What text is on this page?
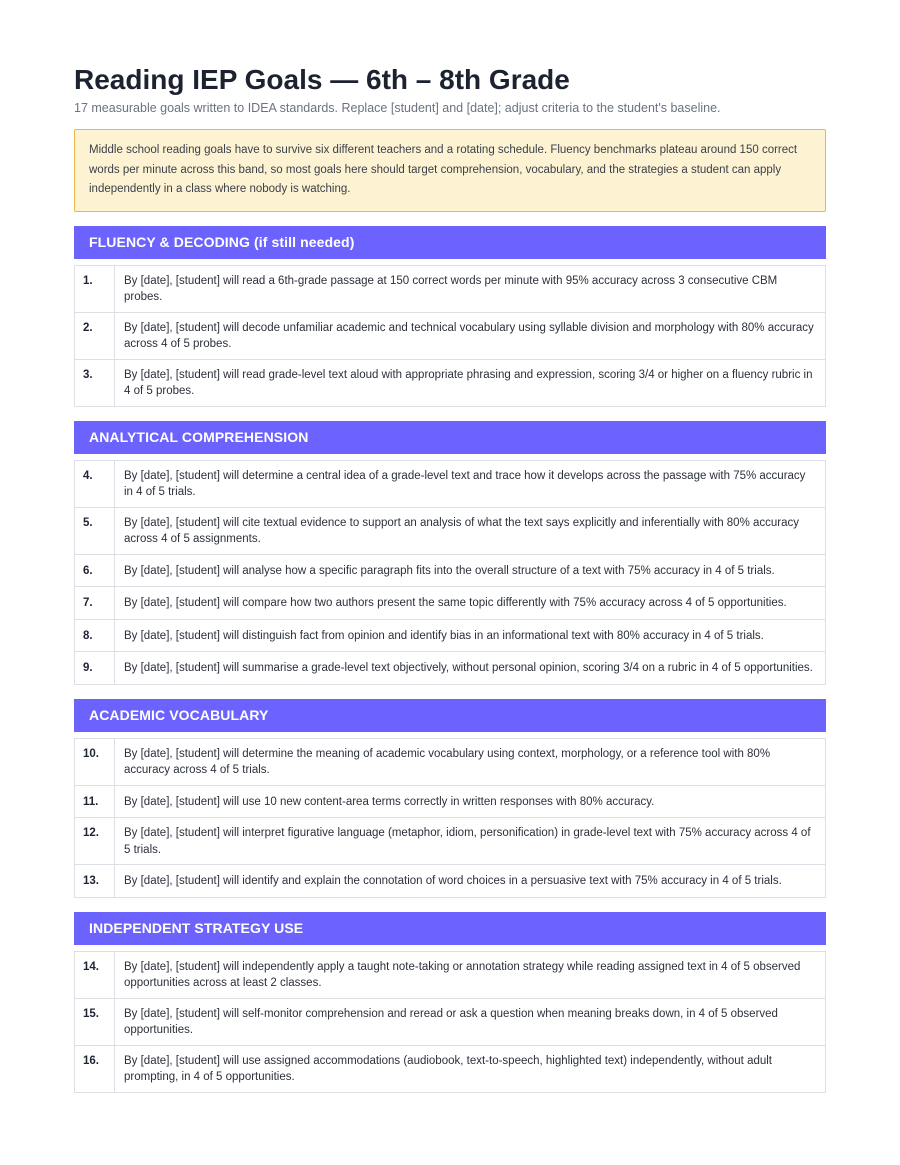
Reading IEP Goals — 6th – 8th Grade
17 measurable goals written to IDEA standards. Replace [student] and [date]; adjust criteria to the student's baseline.
Middle school reading goals have to survive six different teachers and a rotating schedule. Fluency benchmarks plateau around 150 correct words per minute across this band, so most goals here should target comprehension, vocabulary, and the strategies a student can apply independently in a class where nobody is watching.
FLUENCY & DECODING (if still needed)
1.	By [date], [student] will read a 6th-grade passage at 150 correct words per minute with 95% accuracy across 3 consecutive CBM probes.
2.	By [date], [student] will decode unfamiliar academic and technical vocabulary using syllable division and morphology with 80% accuracy across 4 of 5 probes.
3.	By [date], [student] will read grade-level text aloud with appropriate phrasing and expression, scoring 3/4 or higher on a fluency rubric in 4 of 5 probes.
ANALYTICAL COMPREHENSION
4.	By [date], [student] will determine a central idea of a grade-level text and trace how it develops across the passage with 75% accuracy in 4 of 5 trials.
5.	By [date], [student] will cite textual evidence to support an analysis of what the text says explicitly and inferentially with 80% accuracy across 4 of 5 assignments.
6.	By [date], [student] will analyse how a specific paragraph fits into the overall structure of a text with 75% accuracy in 4 of 5 trials.
7.	By [date], [student] will compare how two authors present the same topic differently with 75% accuracy across 4 of 5 opportunities.
8.	By [date], [student] will distinguish fact from opinion and identify bias in an informational text with 80% accuracy in 4 of 5 trials.
9.	By [date], [student] will summarise a grade-level text objectively, without personal opinion, scoring 3/4 on a rubric in 4 of 5 opportunities.
ACADEMIC VOCABULARY
10.	By [date], [student] will determine the meaning of academic vocabulary using context, morphology, or a reference tool with 80% accuracy across 4 of 5 trials.
11.	By [date], [student] will use 10 new content-area terms correctly in written responses with 80% accuracy.
12.	By [date], [student] will interpret figurative language (metaphor, idiom, personification) in grade-level text with 75% accuracy across 4 of 5 trials.
13.	By [date], [student] will identify and explain the connotation of word choices in a persuasive text with 75% accuracy in 4 of 5 trials.
INDEPENDENT STRATEGY USE
14.	By [date], [student] will independently apply a taught note-taking or annotation strategy while reading assigned text in 4 of 5 observed opportunities across at least 2 classes.
15.	By [date], [student] will self-monitor comprehension and reread or ask a question when meaning breaks down, in 4 of 5 observed opportunities.
16.	By [date], [student] will use assigned accommodations (audiobook, text-to-speech, highlighted text) independently, without adult prompting, in 4 of 5 opportunities.
